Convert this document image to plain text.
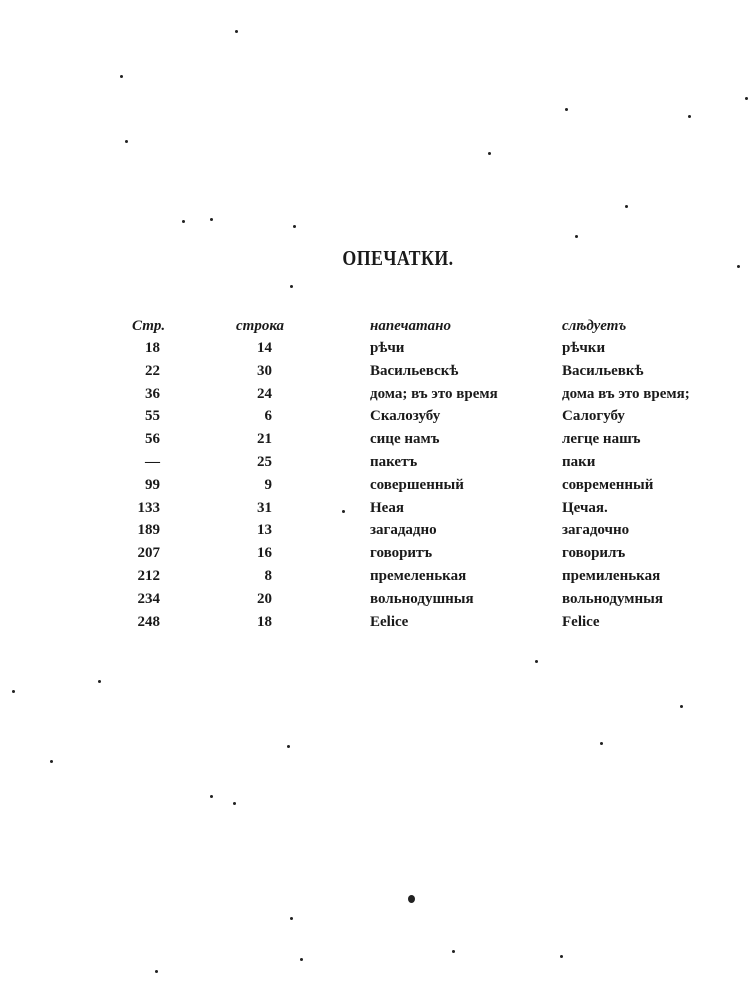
ОПЕЧАТКИ.
Стр.	строка	напечатано	слѣдуетъ
18	14	рѣчи	рѣчки
22	30	Васильевскѣ	Васильевкѣ
36	24	дома; въ это время	дома въ это время;
55	6	Скалозубу	Салогубу
56	21	сице намъ	легце нашъ
—	25	пакетъ	паки
99	9	совершенный	современный
133	31	Неая	Цечая.
189	13	загададно	загадочно
207	16	говоритъ	говорилъ
212	8	премеленькая	премиленькая
234	20	вольнодушныя	вольнодумныя
248	18	Eelice	Felice
